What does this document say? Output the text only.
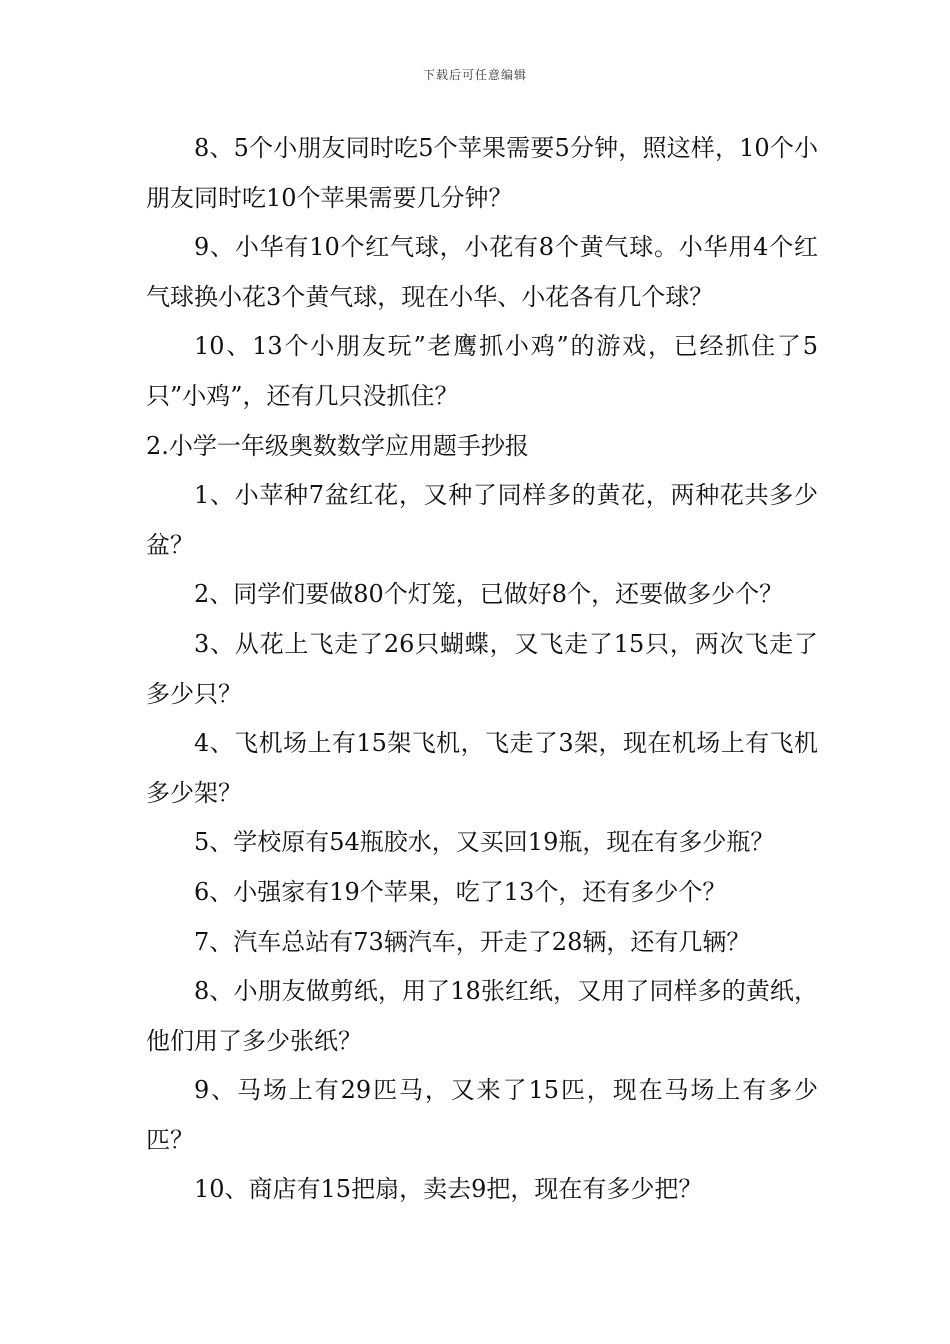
下载后可任意编辑

8、5个小朋友同时吃5个苹果需要5分钟，照这样，10个小朋友同时吃10个苹果需要几分钟？

9、小华有10个红气球，小花有8个黄气球。小华用4个红气球换小花3个黄气球，现在小华、小花各有几个球？

10、13个小朋友玩”老鹰抓小鸡”的游戏，已经抓住了5只”小鸡”，还有几只没抓住？

2.小学一年级奥数数学应用题手抄报

1、小苹种7盆红花，又种了同样多的黄花，两种花共多少盆？

2、同学们要做80个灯笼，已做好8个，还要做多少个？

3、从花上飞走了26只蝴蝶，又飞走了15只，两次飞走了多少只？

4、飞机场上有15架飞机，飞走了3架，现在机场上有飞机多少架？

5、学校原有54瓶胶水，又买回19瓶，现在有多少瓶？

6、小强家有19个苹果，吃了13个，还有多少个？

7、汽车总站有73辆汽车，开走了28辆，还有几辆？

8、小朋友做剪纸，用了18张红纸，又用了同样多的黄纸，他们用了多少张纸？

9、马场上有29匹马，又来了15匹，现在马场上有多少匹？

10、商店有15把扇，卖去9把，现在有多少把？
